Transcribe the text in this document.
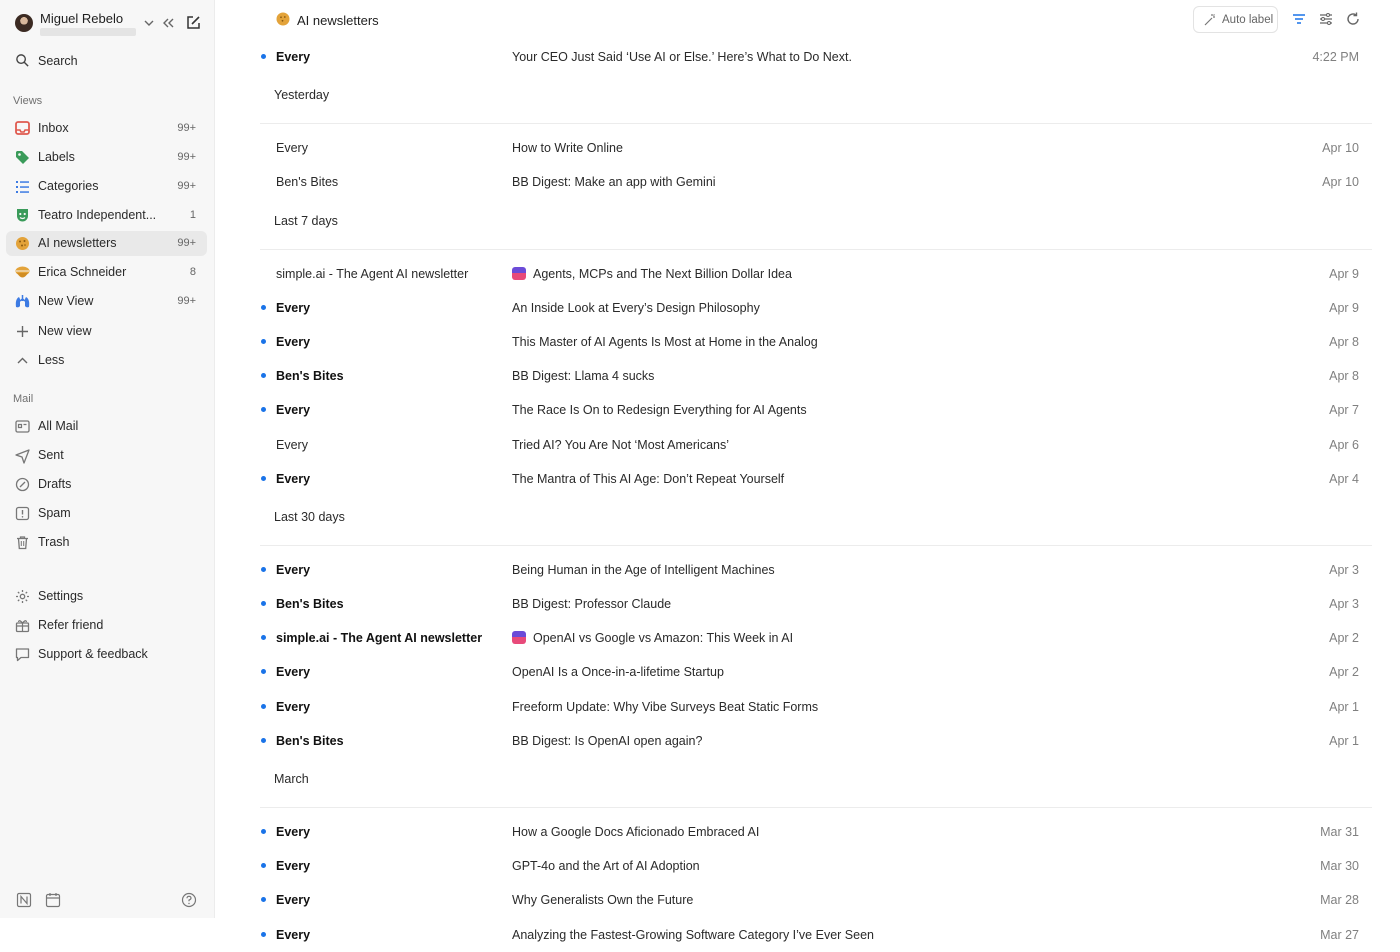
Miguel Rebelo
Search
Views
Inbox	99+
Labels	99+
Categories	99+
Teatro Independent...	1
AI newsletters	99+
Erica Schneider	8
New View	99+
New view
Less
Mail
All Mail
Sent
Drafts
Spam
Trash
Settings
Refer friend
Support & feedback
AI newsletters	Auto label
Every	Your CEO Just Said ‘Use AI or Else.’ Here’s What to Do Next.	4:22 PM
Yesterday
Every	How to Write Online	Apr 10
Ben's Bites	BB Digest: Make an app with Gemini	Apr 10
Last 7 days
simple.ai - The Agent AI newsletter	Agents, MCPs and The Next Billion Dollar Idea	Apr 9
Every	An Inside Look at Every’s Design Philosophy	Apr 9
Every	This Master of AI Agents Is Most at Home in the Analog	Apr 8
Ben's Bites	BB Digest: Llama 4 sucks	Apr 8
Every	The Race Is On to Redesign Everything for AI Agents	Apr 7
Every	Tried AI? You Are Not ‘Most Americans’	Apr 6
Every	The Mantra of This AI Age: Don’t Repeat Yourself	Apr 4
Last 30 days
Every	Being Human in the Age of Intelligent Machines	Apr 3
Ben's Bites	BB Digest: Professor Claude	Apr 3
simple.ai - The Agent AI newsletter	OpenAI vs Google vs Amazon: This Week in AI	Apr 2
Every	OpenAI Is a Once-in-a-lifetime Startup	Apr 2
Every	Freeform Update: Why Vibe Surveys Beat Static Forms	Apr 1
Ben's Bites	BB Digest: Is OpenAI open again?	Apr 1
March
Every	How a Google Docs Aficionado Embraced AI	Mar 31
Every	GPT-4o and the Art of AI Adoption	Mar 30
Every	Why Generalists Own the Future	Mar 28
Every	Analyzing the Fastest-Growing Software Category I’ve Ever Seen	Mar 27
